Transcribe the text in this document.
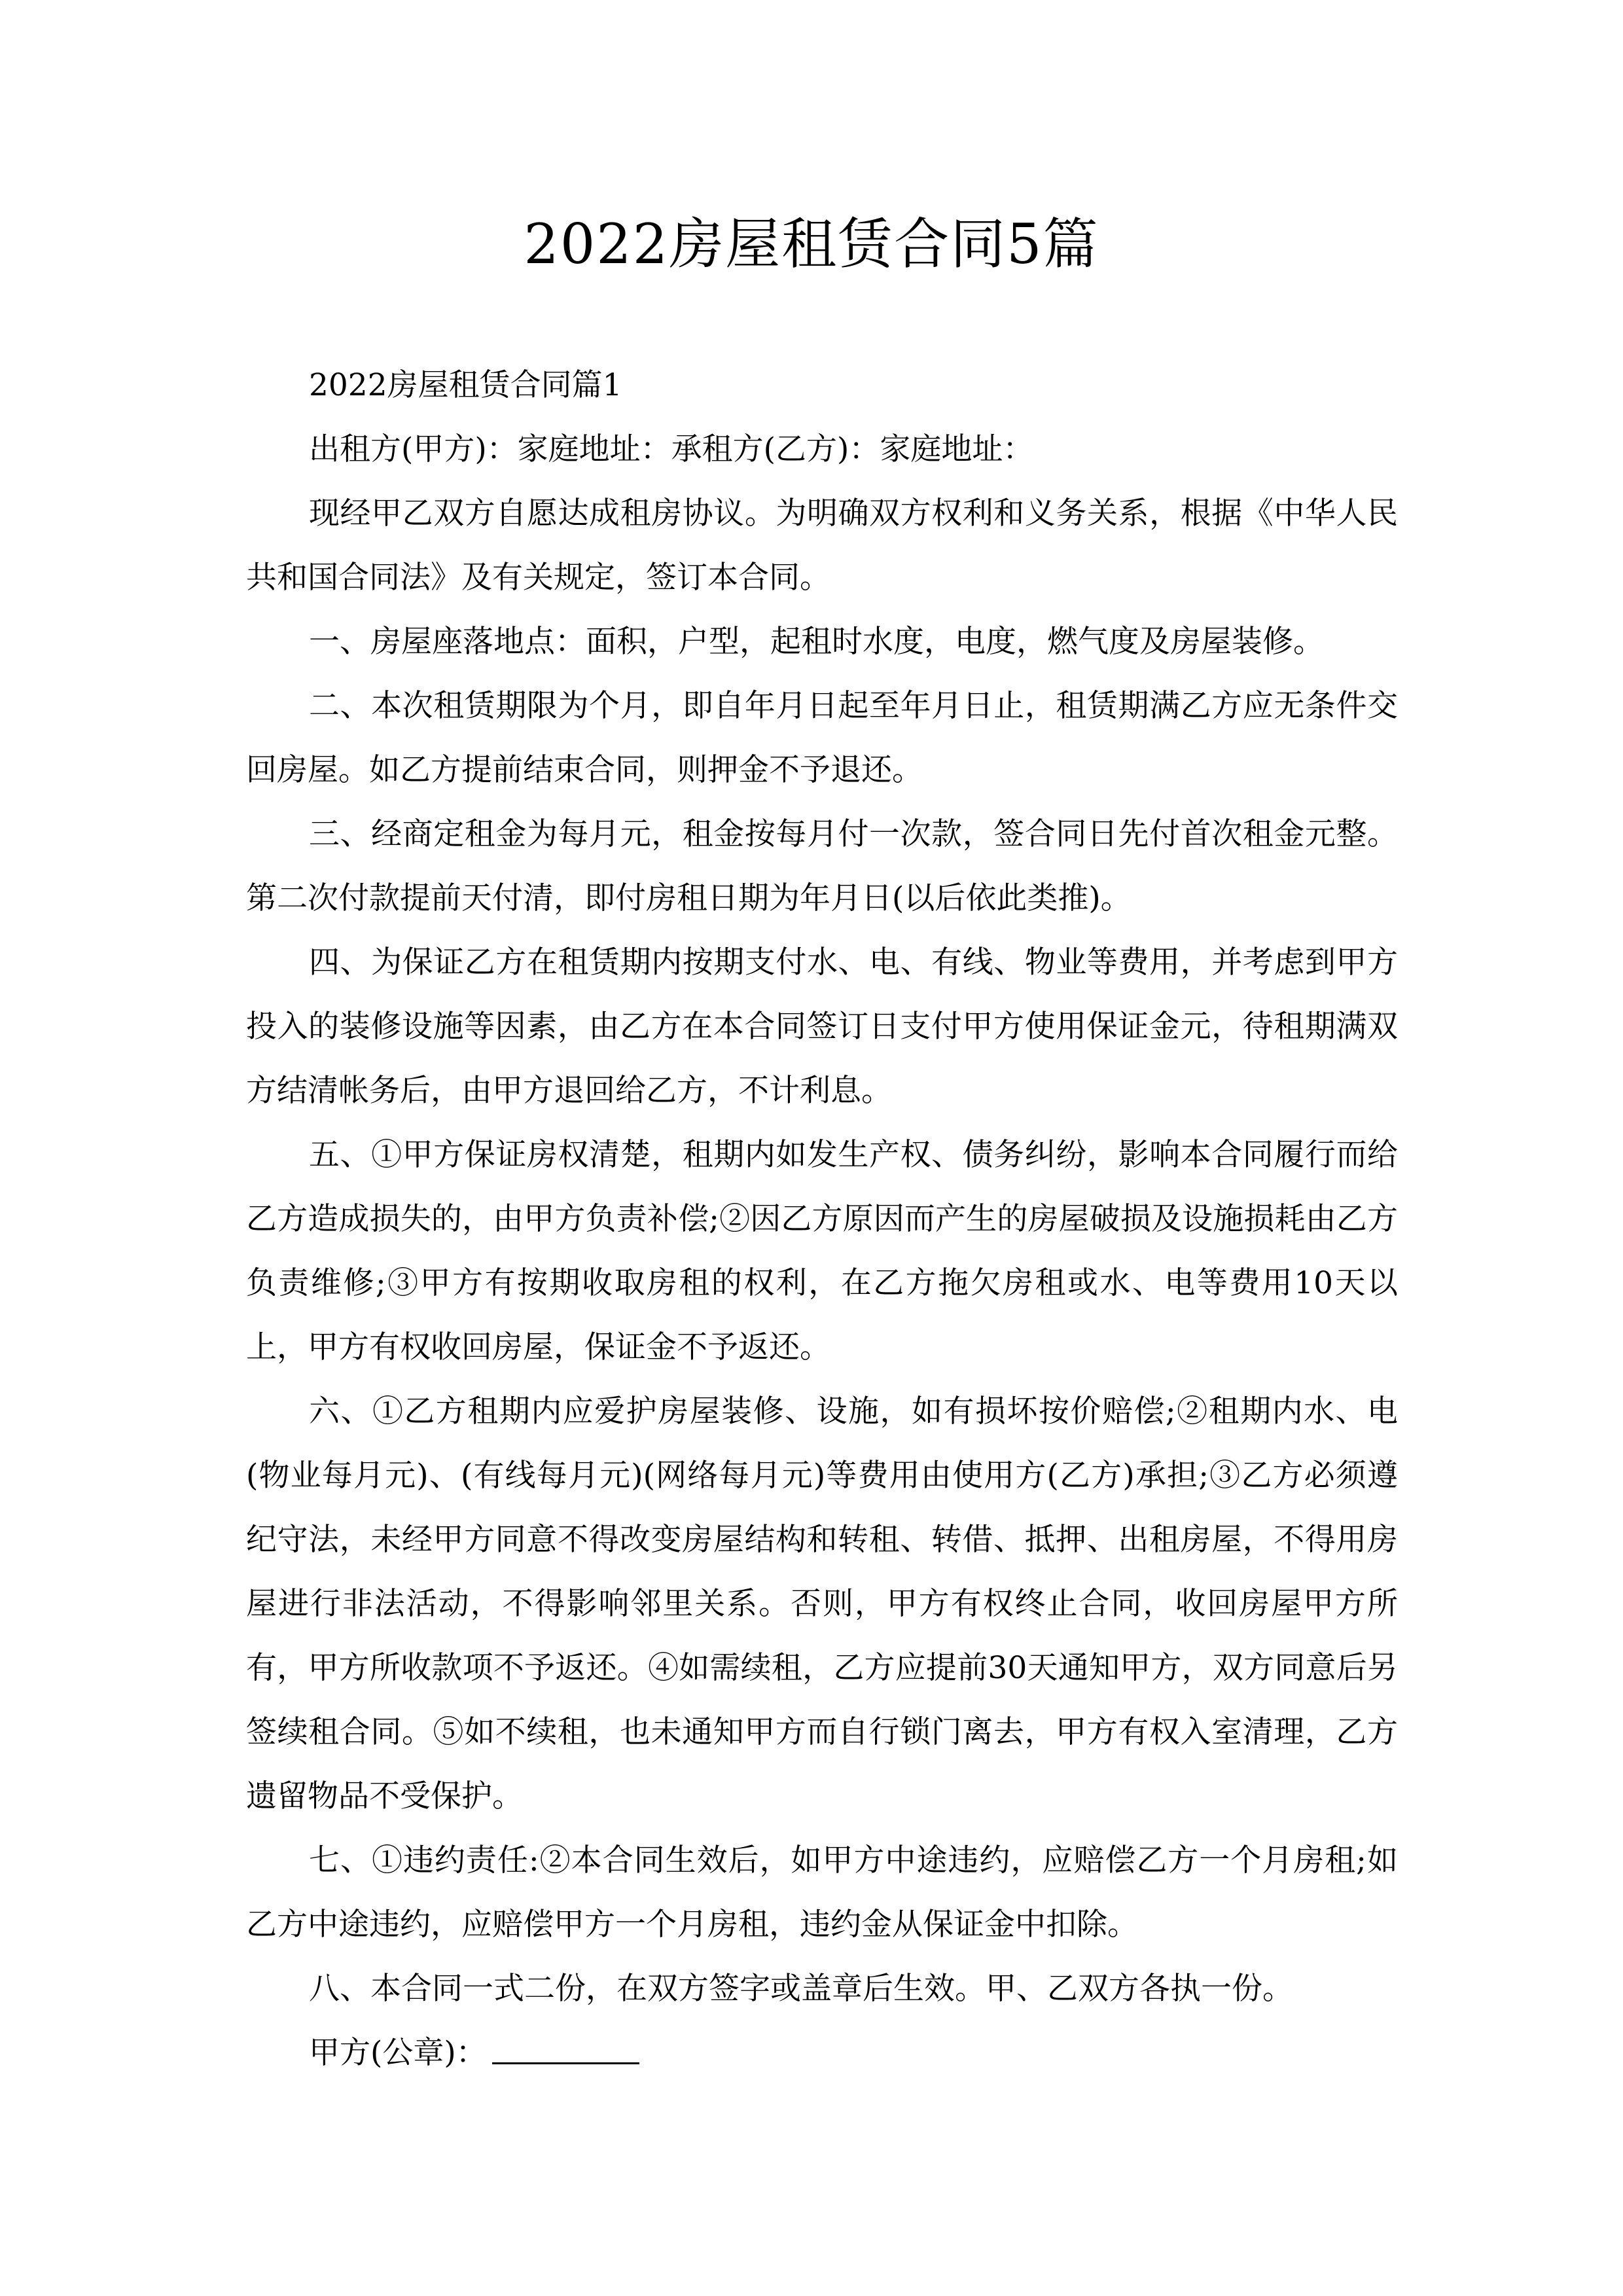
2022房屋租赁合同5篇

2022房屋租赁合同篇1

出租方(甲方)：家庭地址：承租方(乙方)：家庭地址：

现经甲乙双方自愿达成租房协议。为明确双方权利和义务关系，根据《中华人民共和国合同法》及有关规定，签订本合同。

一、房屋座落地点：面积，户型，起租时水度，电度，燃气度及房屋装修。

二、本次租赁期限为个月，即自年月日起至年月日止，租赁期满乙方应无条件交回房屋。如乙方提前结束合同，则押金不予退还。

三、经商定租金为每月元，租金按每月付一次款，签合同日先付首次租金元整。第二次付款提前天付清，即付房租日期为年月日(以后依此类推)。

四、为保证乙方在租赁期内按期支付水、电、有线、物业等费用，并考虑到甲方投入的装修设施等因素，由乙方在本合同签订日支付甲方使用保证金元，待租期满双方结清帐务后，由甲方退回给乙方，不计利息。

五、①甲方保证房权清楚，租期内如发生产权、债务纠纷，影响本合同履行而给乙方造成损失的，由甲方负责补偿;②因乙方原因而产生的房屋破损及设施损耗由乙方负责维修;③甲方有按期收取房租的权利，在乙方拖欠房租或水、电等费用10天以上，甲方有权收回房屋，保证金不予返还。

六、①乙方租期内应爱护房屋装修、设施，如有损坏按价赔偿;②租期内水、电(物业每月元)、(有线每月元)(网络每月元)等费用由使用方(乙方)承担;③乙方必须遵纪守法，未经甲方同意不得改变房屋结构和转租、转借、抵押、出租房屋，不得用房屋进行非法活动，不得影响邻里关系。否则，甲方有权终止合同，收回房屋甲方所有，甲方所收款项不予返还。④如需续租，乙方应提前30天通知甲方，双方同意后另签续租合同。⑤如不续租，也未通知甲方而自行锁门离去，甲方有权入室清理，乙方遗留物品不受保护。

七、①违约责任:②本合同生效后，如甲方中途违约，应赔偿乙方一个月房租;如乙方中途违约，应赔偿甲方一个月房租，违约金从保证金中扣除。

八、本合同一式二份，在双方签字或盖章后生效。甲、乙双方各执一份。

甲方(公章)：
